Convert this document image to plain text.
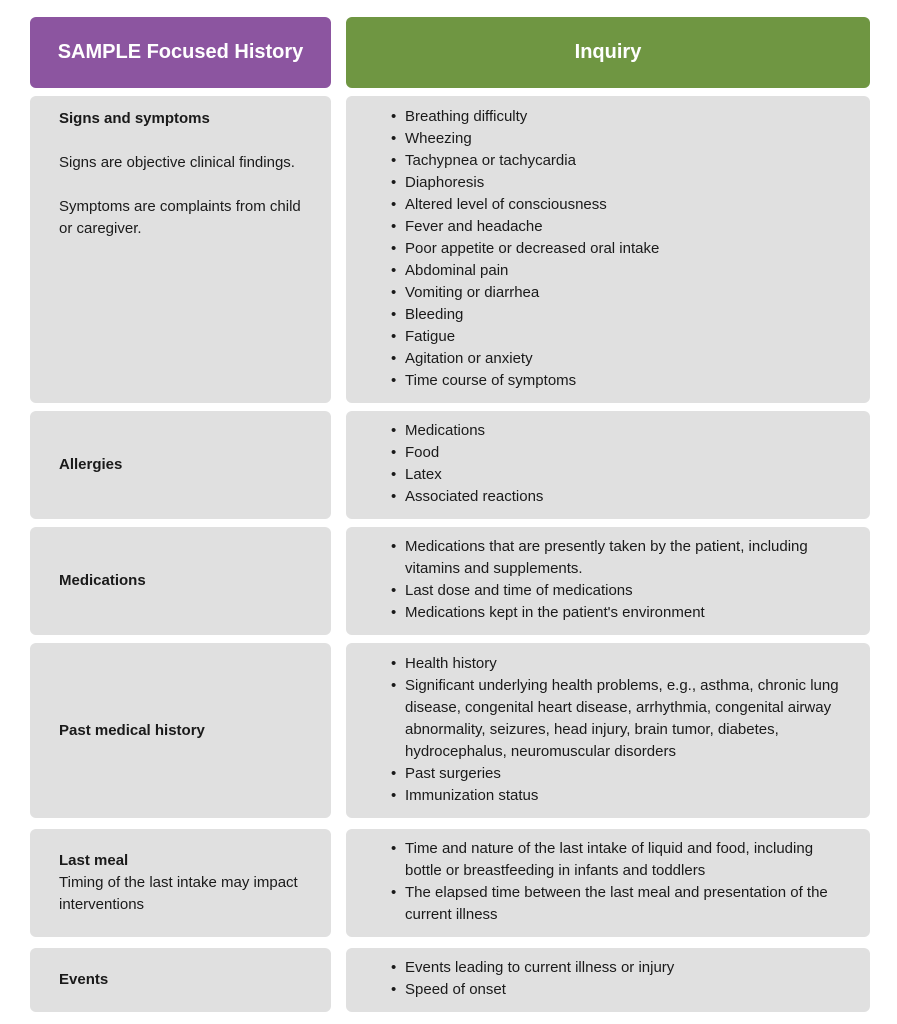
SAMPLE Focused History	Inquiry

Signs and symptoms

Signs are objective clinical findings.

Symptoms are complaints from child or caregiver.

• Breathing difficulty
• Wheezing
• Tachypnea or tachycardia
• Diaphoresis
• Altered level of consciousness
• Fever and headache
• Poor appetite or decreased oral intake
• Abdominal pain
• Vomiting or diarrhea
• Bleeding
• Fatigue
• Agitation or anxiety
• Time course of symptoms

Allergies

• Medications
• Food
• Latex
• Associated reactions

Medications

• Medications that are presently taken by the patient, including vitamins and supplements.
• Last dose and time of medications
• Medications kept in the patient's environment

Past medical history

• Health history
• Significant underlying health problems, e.g., asthma, chronic lung disease, congenital heart disease, arrhythmia, congenital airway abnormality, seizures, head injury, brain tumor, diabetes, hydrocephalus, neuromuscular disorders
• Past surgeries
• Immunization status

Last meal

Timing of the last intake may impact interventions

• Time and nature of the last intake of liquid and food, including bottle or breastfeeding in infants and toddlers
• The elapsed time between the last meal and presentation of the current illness

Events

• Events leading to current illness or injury
• Speed of onset
